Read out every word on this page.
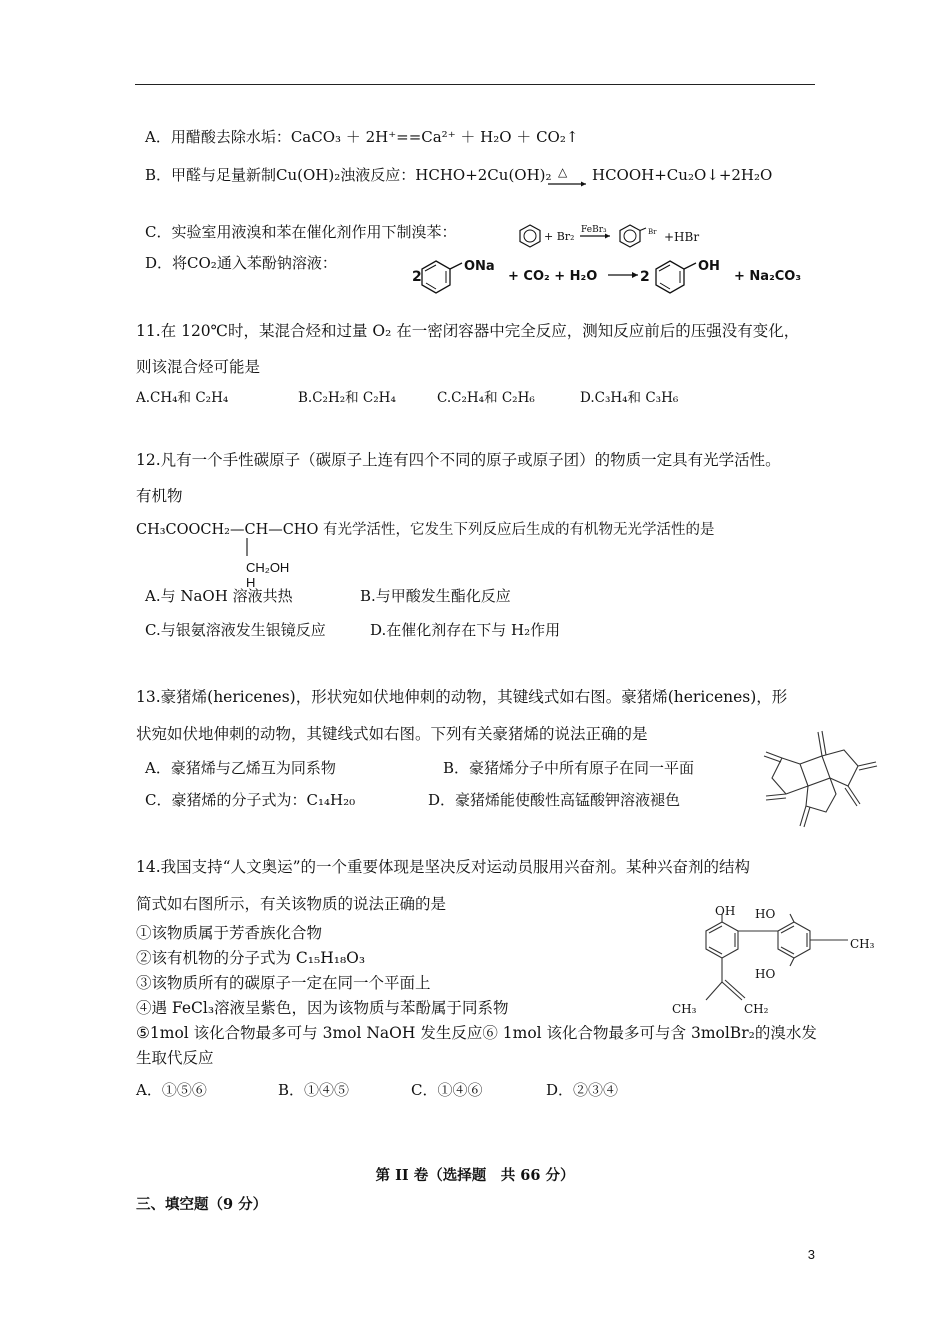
A．用醋酸去除水垢：CaCO₃ ＋ 2H⁺==Ca²⁺ ＋ H₂O ＋ CO₂↑
B．甲醛与足量新制Cu(OH)₂浊液反应：HCHO+2Cu(OH)₂ △ HCOOH+Cu₂O↓+2H₂O
C．实验室用液溴和苯在催化剂作用下制溴苯：	+ Br₂ FeBr₃	Br +HBr
D．将CO₂通入苯酚钠溶液：
2
ONa
+ CO₂ + H₂O	2
OH
+ Na₂CO₃
11.在 120℃时，某混合烃和过量 O₂ 在一密闭容器中完全反应，测知反应前后的压强没有变化，
则该混合烃可能是
A.CH₄和 C₂H₄	B.C₂H₂和 C₂H₄	C.C₂H₄和 C₂H₆	D.C₃H₄和 C₃H₆
12.凡有一个手性碳原子（碳原子上连有四个不同的原子或原子团）的物质一定具有光学活性。
有机物
CH₃COOCH₂—CH—CHO 有光学活性，它发生下列反应后生成的有机物无光学活性的是
CH₂OH
H
A.与 NaOH 溶液共热	B.与甲酸发生酯化反应
C.与银氨溶液发生银镜反应	D.在催化剂存在下与 H₂作用
13.豪猪烯(hericenes)，形状宛如伏地伸刺的动物，其键线式如右图。豪猪烯(hericenes)，形
状宛如伏地伸刺的动物，其键线式如右图。下列有关豪猪烯的说法正确的是
A．豪猪烯与乙烯互为同系物	B．豪猪烯分子中所有原子在同一平面
C．豪猪烯的分子式为：C₁₄H₂₀	D．豪猪烯能使酸性高锰酸钾溶液褪色
14.我国支持“人文奥运”的一个重要体现是坚决反对运动员服用兴奋剂。某种兴奋剂的结构
简式如右图所示，有关该物质的说法正确的是
①该物质属于芳香族化合物
②该有机物的分子式为 C₁₅H₁₈O₃
③该物质所有的碳原子一定在同一个平面上
④遇 FeCl₃溶液呈紫色，因为该物质与苯酚属于同系物
⑤1mol 该化合物最多可与 3mol NaOH 发生反应⑥ 1mol 该化合物最多可与含 3molBr₂的溴水发
生取代反应
A．①⑤⑥	B．①④⑤	C．①④⑥	D．②③④
OH HO
HO
CH₃
CH₃	CH₂
第 II 卷（选择题　共 66 分）
三、填空题（9 分）
3
